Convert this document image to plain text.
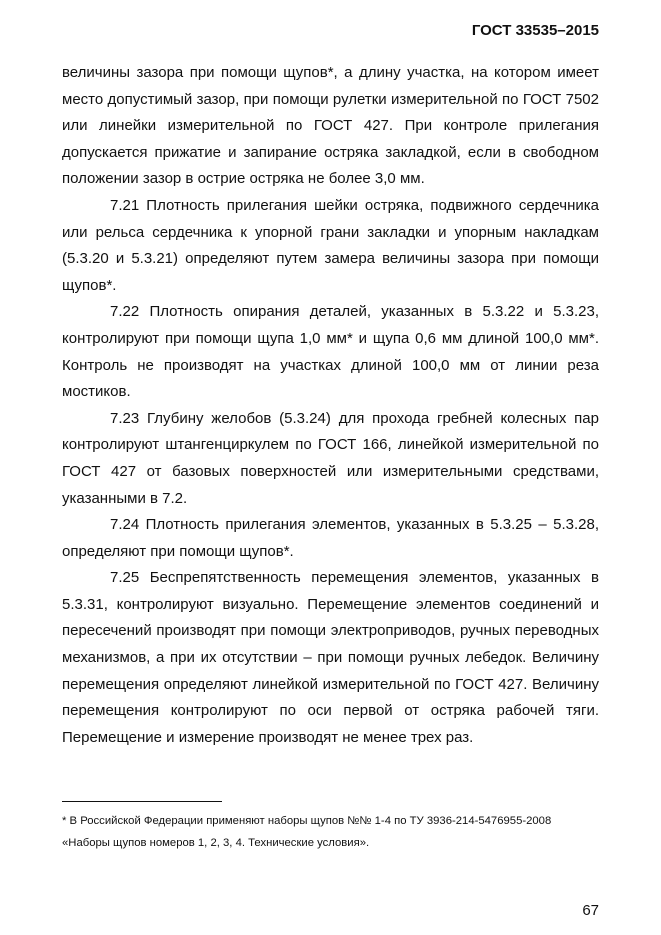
ГОСТ 33535–2015

величины зазора при помощи щупов*, а длину участка, на котором имеет место допустимый зазор, при помощи рулетки измерительной по ГОСТ 7502 или линейки измерительной по ГОСТ 427. При контроле прилегания допускается прижатие и запирание остряка закладкой, если в свободном положении зазор в острие остряка не более 3,0 мм.

7.21 Плотность прилегания шейки остряка, подвижного сердечника или рельса сердечника к упорной грани закладки и упорным накладкам (5.3.20 и 5.3.21) определяют путем замера величины зазора при помощи щупов*.

7.22 Плотность опирания деталей, указанных в 5.3.22 и 5.3.23, контролируют при помощи щупа 1,0 мм* и щупа 0,6 мм длиной 100,0 мм*. Контроль не производят на участках длиной 100,0 мм от линии реза мостиков.

7.23 Глубину желобов (5.3.24) для прохода гребней колесных пар контролируют штангенциркулем по ГОСТ 166, линейкой измерительной по ГОСТ 427 от базовых поверхностей или измерительными средствами, указанными в 7.2.

7.24 Плотность прилегания элементов, указанных в 5.3.25 – 5.3.28, определяют при помощи щупов*.

7.25 Беспрепятственность перемещения элементов, указанных в 5.3.31, контролируют визуально. Перемещение элементов соединений и пересечений производят при помощи электроприводов, ручных переводных механизмов, а при их отсутствии – при помощи ручных лебедок. Величину перемещения определяют линейкой измерительной по ГОСТ 427. Величину перемещения контролируют по оси первой от остряка рабочей тяги. Перемещение и измерение производят не менее трех раз.

* В Российской Федерации применяют наборы щупов №№ 1-4 по ТУ 3936-214-5476955-2008

«Наборы щупов номеров 1, 2, 3, 4. Технические условия».

67
